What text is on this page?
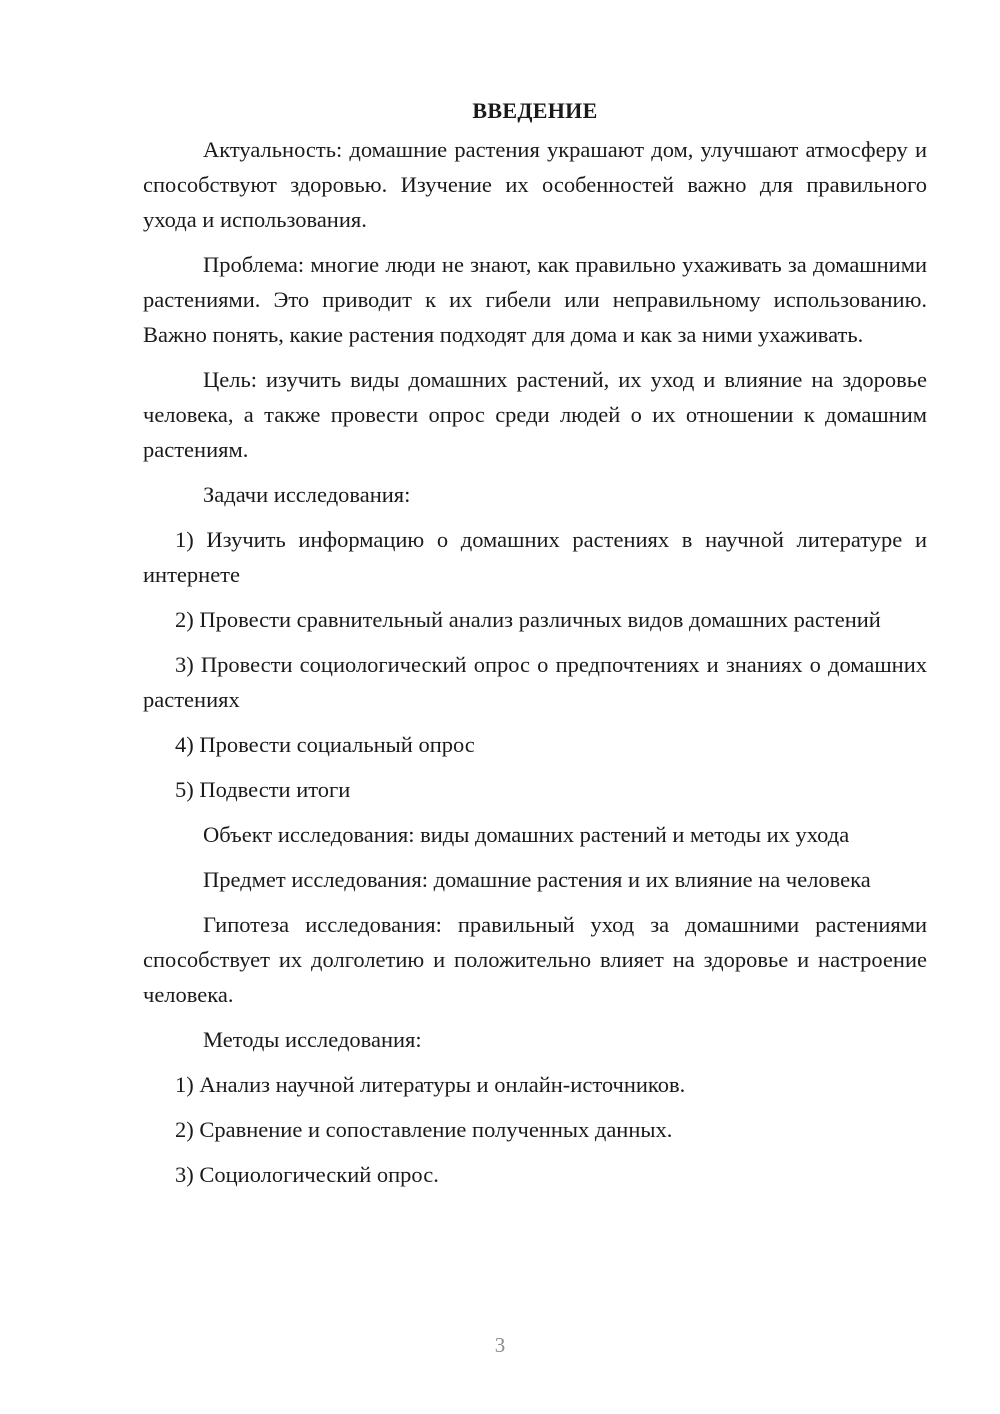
ВВЕДЕНИЕ

Актуальность: домашние растения украшают дом, улучшают атмосферу и способствуют здоровью. Изучение их особенностей важно для правильного ухода и использования.

Проблема: многие люди не знают, как правильно ухаживать за домашними растениями. Это приводит к их гибели или неправильному использованию. Важно понять, какие растения подходят для дома и как за ними ухаживать.

Цель: изучить виды домашних растений, их уход и влияние на здоровье человека, а также провести опрос среди людей о их отношении к домашним растениям.

Задачи исследования:

1) Изучить информацию о домашних растениях в научной литературе и интернете

2) Провести сравнительный анализ различных видов домашних растений

3) Провести социологический опрос о предпочтениях и знаниях о домашних растениях

4) Провести социальный опрос

5) Подвести итоги

Объект исследования: виды домашних растений и методы их ухода

Предмет исследования: домашние растения и их влияние на человека

Гипотеза исследования: правильный уход за домашними растениями способствует их долголетию и положительно влияет на здоровье и настроение человека.

Методы исследования:

1) Анализ научной литературы и онлайн-источников.

2) Сравнение и сопоставление полученных данных.

3) Социологический опрос.

3
